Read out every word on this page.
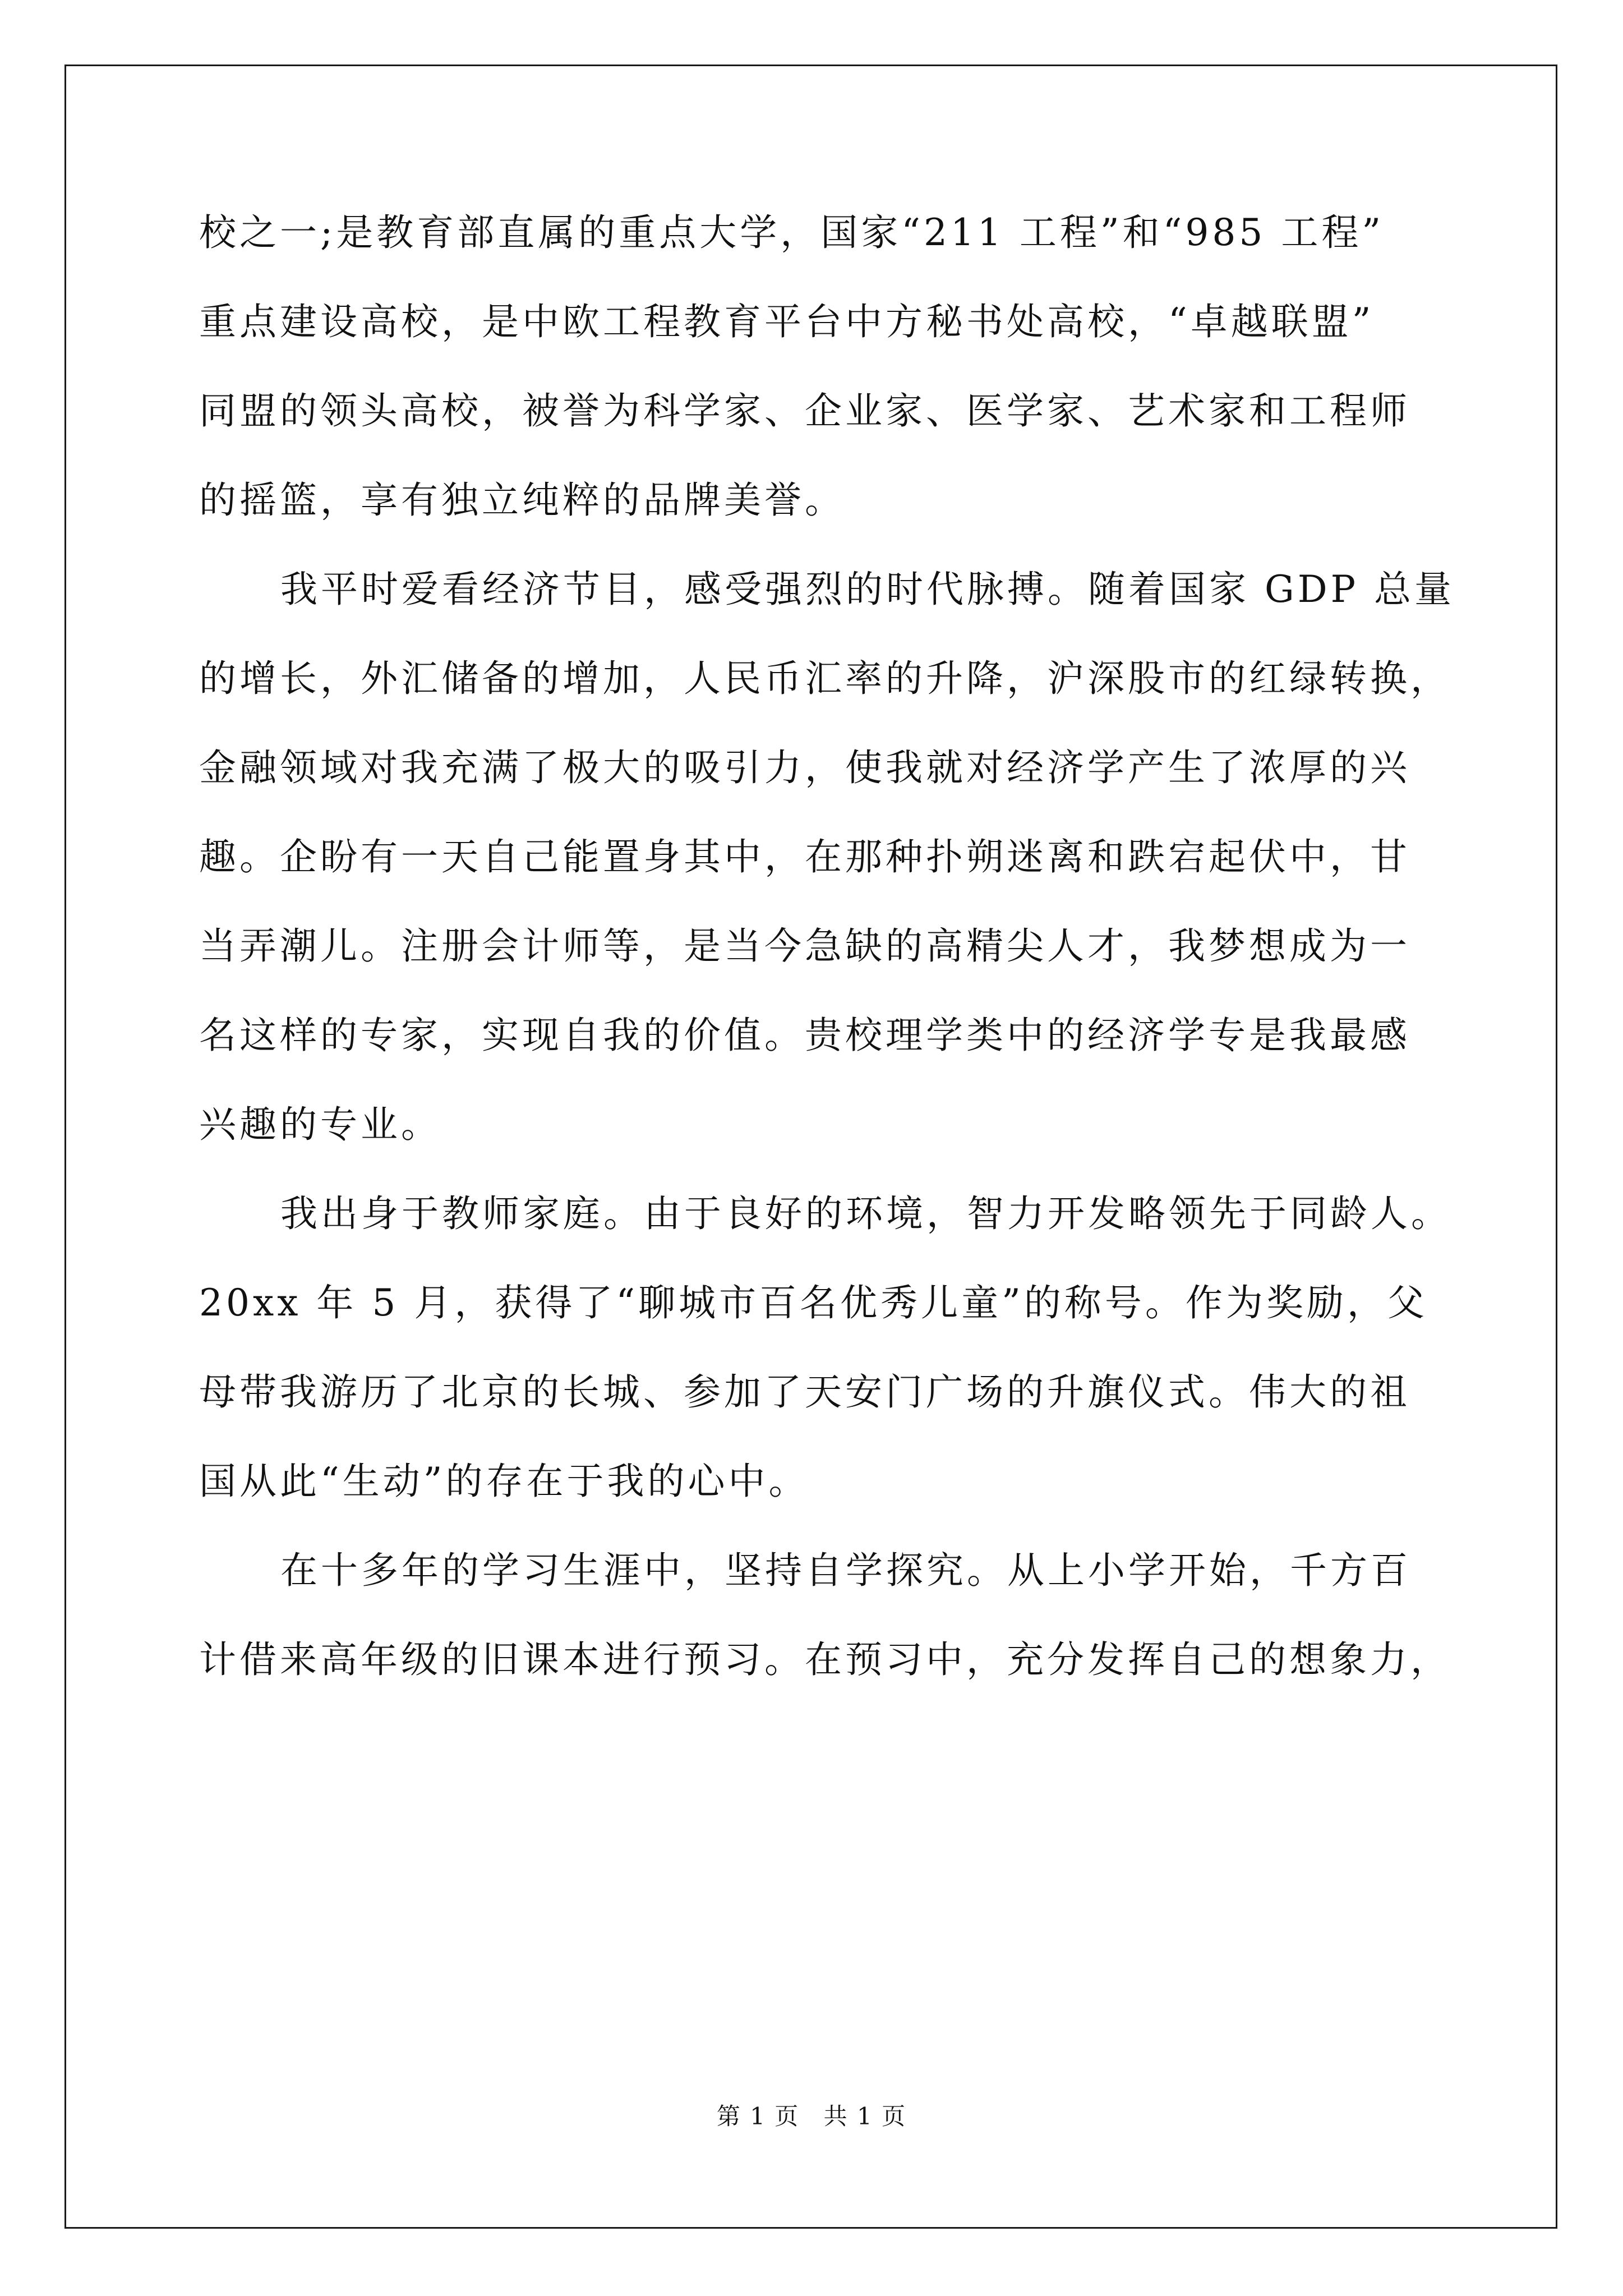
校之一;是教育部直属的重点大学，国家“211 工程”和“985 工程”
重点建设高校，是中欧工程教育平台中方秘书处高校，“卓越联盟”
同盟的领头高校，被誉为科学家、企业家、医学家、艺术家和工程师
的摇篮，享有独立纯粹的品牌美誉。
我平时爱看经济节目，感受强烈的时代脉搏。随着国家 GDP 总量
的增长，外汇储备的增加，人民币汇率的升降，沪深股市的红绿转换，
金融领域对我充满了极大的吸引力，使我就对经济学产生了浓厚的兴
趣。企盼有一天自己能置身其中，在那种扑朔迷离和跌宕起伏中，甘
当弄潮儿。注册会计师等，是当今急缺的高精尖人才，我梦想成为一
名这样的专家，实现自我的价值。贵校理学类中的经济学专是我最感
兴趣的专业。
我出身于教师家庭。由于良好的环境，智力开发略领先于同龄人。
20xx 年 5 月，获得了“聊城市百名优秀儿童”的称号。作为奖励，父
母带我游历了北京的长城、参加了天安门广场的升旗仪式。伟大的祖
国从此“生动”的存在于我的心中。
在十多年的学习生涯中，坚持自学探究。从上小学开始，千方百
计借来高年级的旧课本进行预习。在预习中，充分发挥自己的想象力，
第 1 页 共 1 页
